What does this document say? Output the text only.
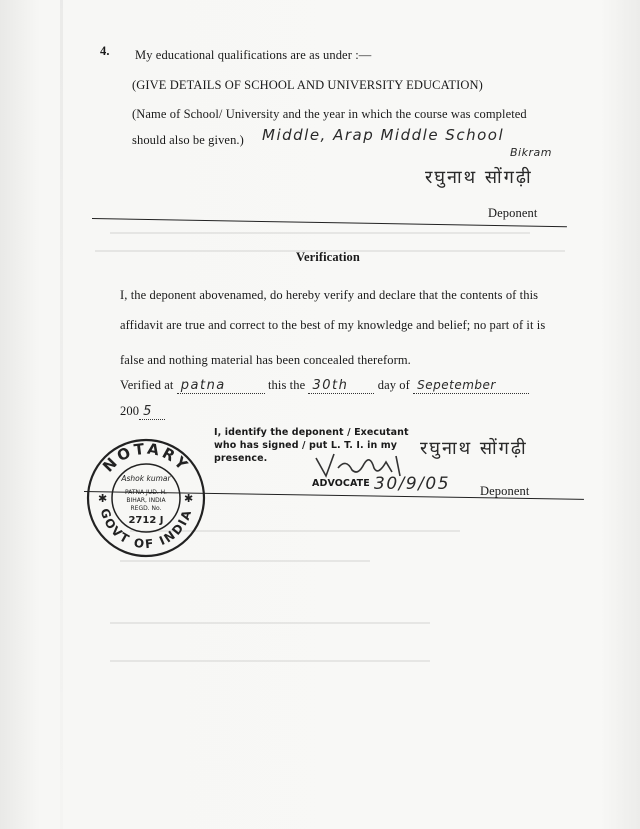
4. My educational qualifications are as under :—
(GIVE DETAILS OF SCHOOL AND UNIVERSITY EDUCATION)
(Name of School/ University and the year in which the course was completed
should also be given.) Middle, Arap Middle School
Bikram
रघुनाथ सोंगढ़ी
Deponent
Verification
I, the deponent abovenamed, do hereby verify and declare that the contents of this
affidavit are true and correct to the best of my knowledge and belief; no part of it is
false and nothing material has been concealed thereform.
Verified at patna	this the 30th day of Sepetember
200 5
I, identify the deponent / Executant
who has signed / put L. T. I. in my
presence.
ADVOCATE 30/9/05
रघुनाथ सोंगढ़ी
Deponent
NOTARY
GOVT OF INDIA
✱	✱
Ashok kumar
PATNA JUD. H.
BIHAR, INDIA
REGD. No.
2712 J
